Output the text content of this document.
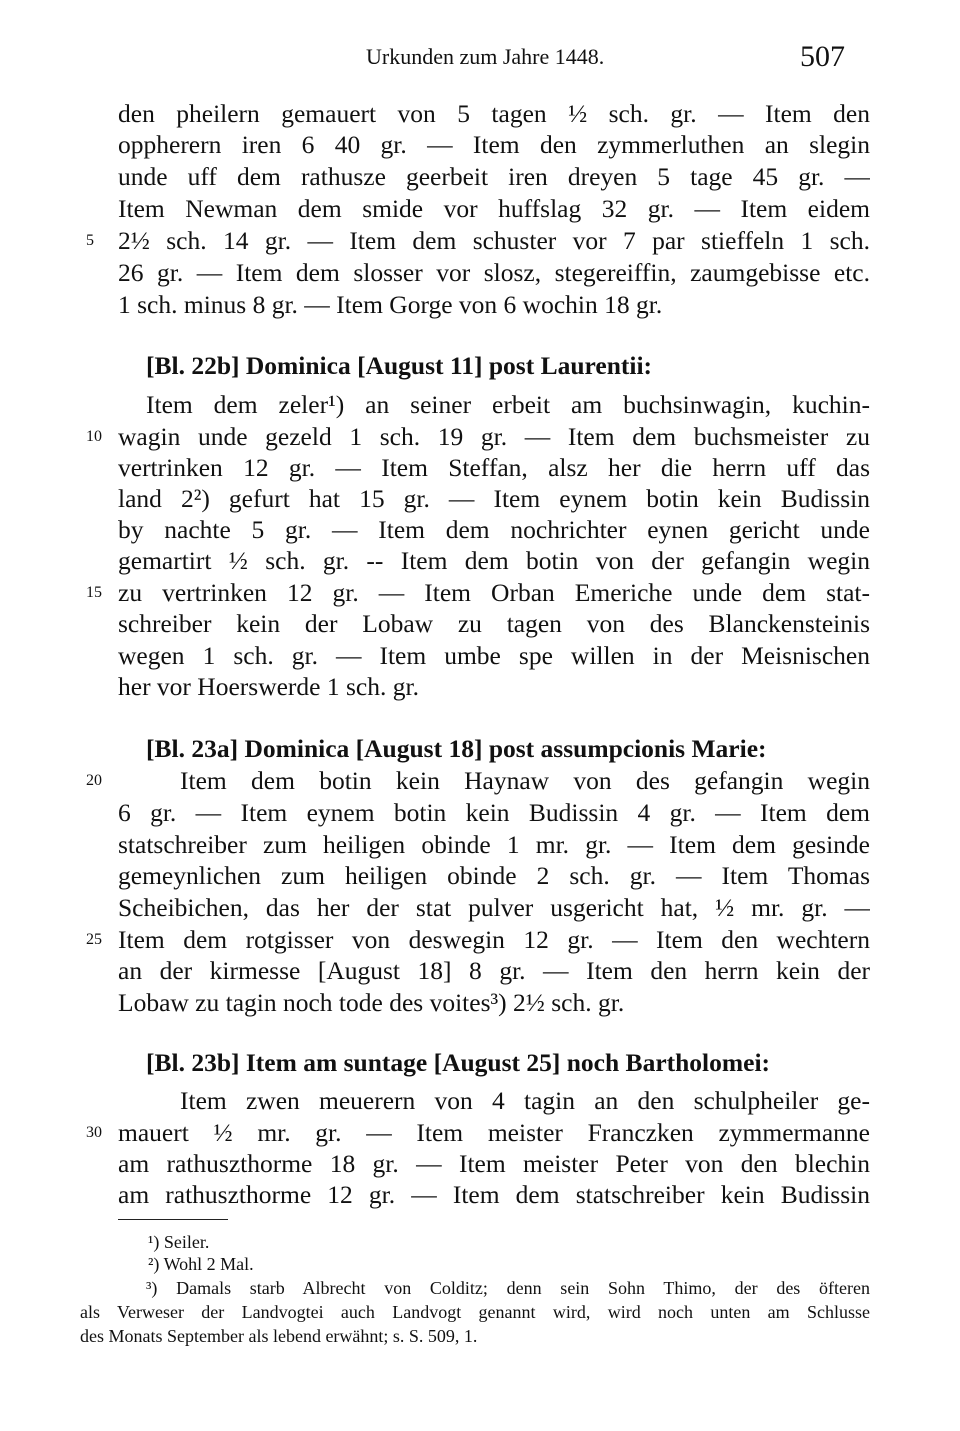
Urkunden zum Jahre 1448.	507
den pheilern gemauert von 5 tagen ½ sch. gr. — Item den
oppherern iren 6 40 gr. — Item den zymmerluthen an slegin
unde uff dem rathusze geerbeit iren dreyen 5 tage 45 gr. —
Item Newman dem smide vor huffslag 32 gr. — Item eidem
5 2½ sch. 14 gr. — Item dem schuster vor 7 par stieffeln 1 sch.
26 gr. — Item dem slosser vor slosz, stegereiffin, zaumgebisse etc.
1 sch. minus 8 gr. — Item Gorge von 6 wochin 18 gr.
[Bl. 22b] Dominica [August 11] post Laurentii:
Item dem zeler¹) an seiner erbeit am buchsinwagin, kuchin-
10 wagin unde gezeld 1 sch. 19 gr. — Item dem buchsmeister zu
vertrinken 12 gr. — Item Steffan, alsz her die herrn uff das
land 2²) gefurt hat 15 gr. — Item eynem botin kein Budissin
by nachte 5 gr. — Item dem nochrichter eynen gericht unde
gemartirt ½ sch. gr. -- Item dem botin von der gefangin wegin
15 zu vertrinken 12 gr. — Item Orban Emeriche unde dem stat-
schreiber kein der Lobaw zu tagen von des Blanckensteinis
wegen 1 sch. gr. — Item umbe spe willen in der Meisnischen
her vor Hoerswerde 1 sch. gr.
[Bl. 23a] Dominica [August 18] post assumpcionis Marie:
20	Item dem botin kein Haynaw von des gefangin wegin
6 gr. — Item eynem botin kein Budissin 4 gr. — Item dem
statschreiber zum heiligen obinde 1 mr. gr. — Item dem gesinde
gemeynlichen zum heiligen obinde 2 sch. gr. — Item Thomas
Scheibichen, das her der stat pulver usgericht hat, ½ mr. gr. —
25 Item dem rotgisser von deswegin 12 gr. — Item den wechtern
an der kirmesse [August 18] 8 gr. — Item den herrn kein der
Lobaw zu tagin noch tode des voites³) 2½ sch. gr.
[Bl. 23b] Item am suntage [August 25] noch Bartholomei:
Item zwen meuerern von 4 tagin an den schulpheiler ge-
30 mauert ½ mr. gr. — Item meister Franczken zymmermanne
am rathuszthorme 18 gr. — Item meister Peter von den blechin
am rathuszthorme 12 gr. — Item dem statschreiber kein Budissin
¹) Seiler.
²) Wohl 2 Mal.
³) Damals starb Albrecht von Colditz; denn sein Sohn Thimo, der des öfteren
als Verweser der Landvogtei auch Landvogt genannt wird, wird noch unten am Schlusse
des Monats September als lebend erwähnt; s. S. 509, 1.
